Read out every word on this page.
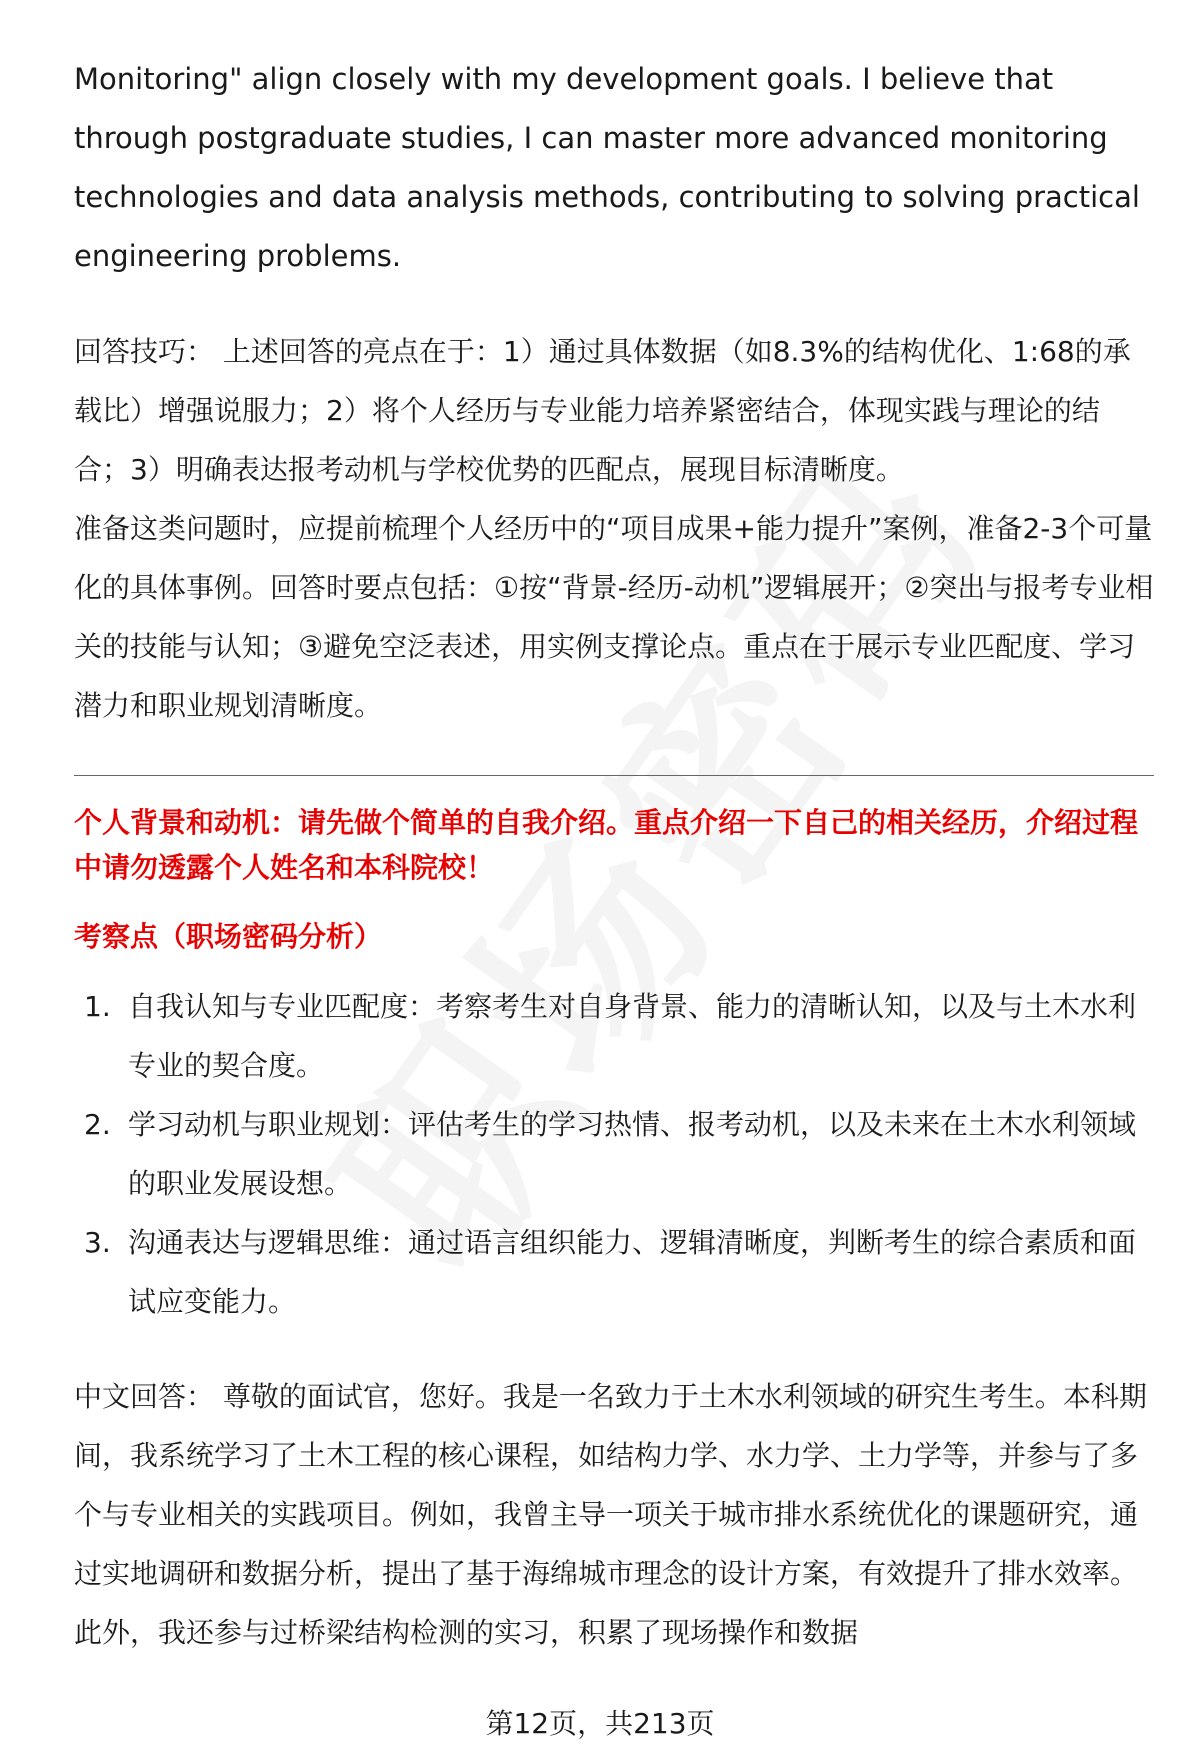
Monitoring" align closely with my development goals. I believe that through postgraduate studies, I can master more advanced monitoring technologies and data analysis methods, contributing to solving practical engineering problems.

回答技巧： 上述回答的亮点在于：1）通过具体数据（如8.3%的结构优化、1:68的承载比）增强说服力；2）将个人经历与专业能力培养紧密结合，体现实践与理论的结合；3）明确表达报考动机与学校优势的匹配点，展现目标清晰度。

准备这类问题时，应提前梳理个人经历中的“项目成果+能力提升”案例，准备2-3个可量化的具体事例。回答时要点包括：①按“背景-经历-动机”逻辑展开；②突出与报考专业相关的技能与认知；③避免空泛表述，用实例支撑论点。重点在于展示专业匹配度、学习潜力和职业规划清晰度。

个人背景和动机：请先做个简单的自我介绍。重点介绍一下自己的相关经历，介绍过程中请勿透露个人姓名和本科院校！

考察点（职场密码分析）

1. 自我认知与专业匹配度：考察考生对自身背景、能力的清晰认知，以及与土木水利专业的契合度。
2. 学习动机与职业规划：评估考生的学习热情、报考动机，以及未来在土木水利领域的职业发展设想。
3. 沟通表达与逻辑思维：通过语言组织能力、逻辑清晰度，判断考生的综合素质和面试应变能力。

中文回答： 尊敬的面试官，您好。我是一名致力于土木水利领域的研究生考生。本科期间，我系统学习了土木工程的核心课程，如结构力学、水力学、土力学等，并参与了多个与专业相关的实践项目。例如，我曾主导一项关于城市排水系统优化的课题研究，通过实地调研和数据分析，提出了基于海绵城市理念的设计方案，有效提升了排水效率。此外，我还参与过桥梁结构检测的实习，积累了现场操作和数据

第12页，共213页
